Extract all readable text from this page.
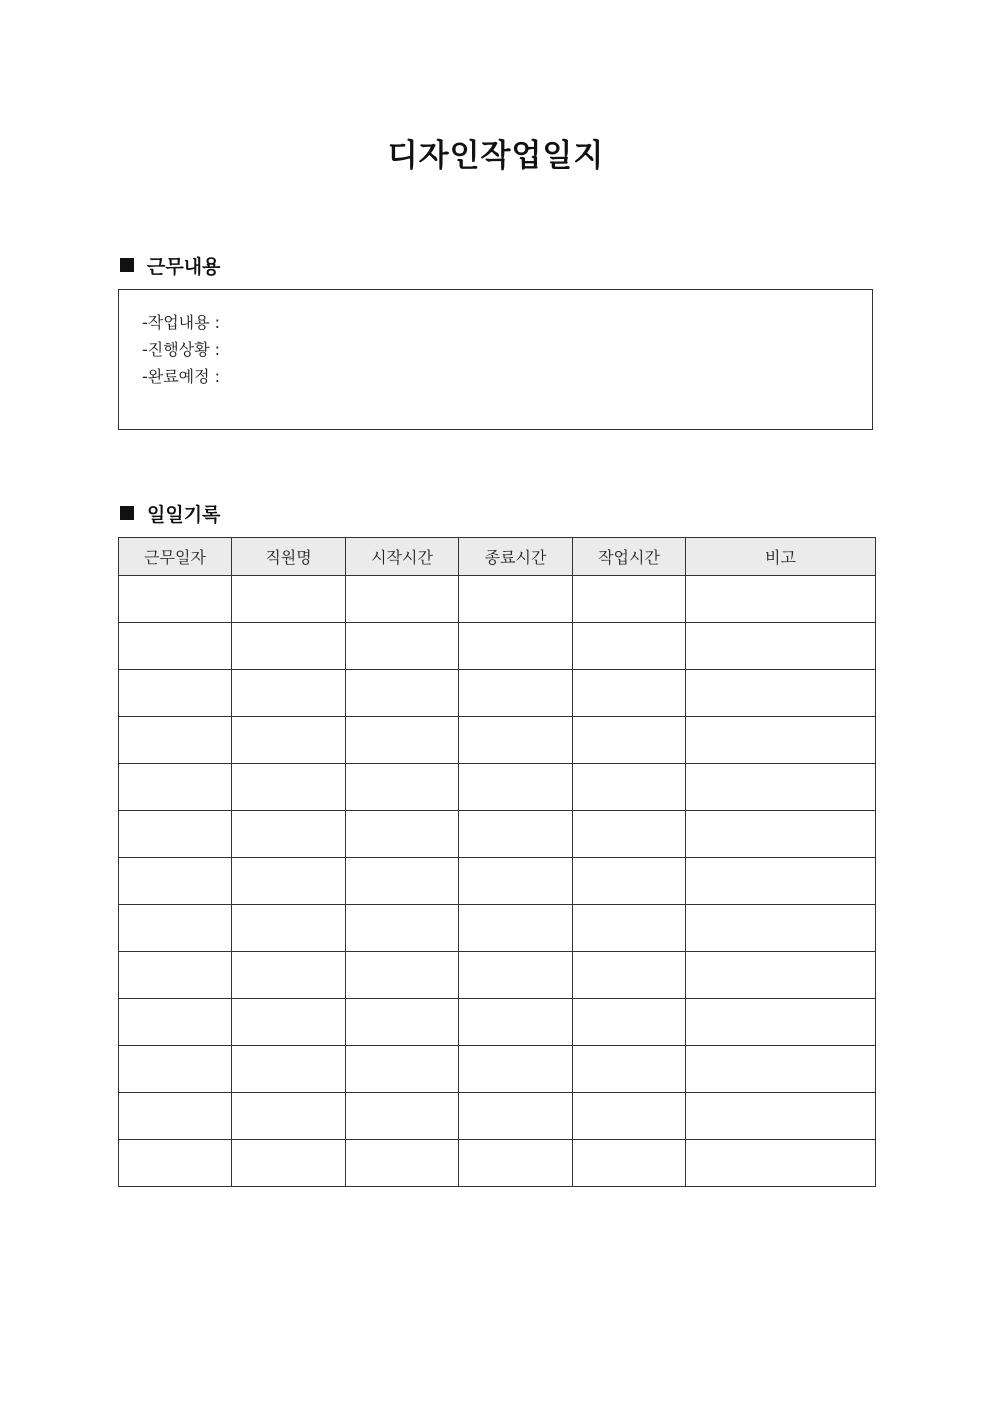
디자인작업일지
근무내용
-작업내용 :
-진행상황 :
-완료예정 :
일일기록
근무일자	직원명	시작시간	종료시간	작업시간	비고
